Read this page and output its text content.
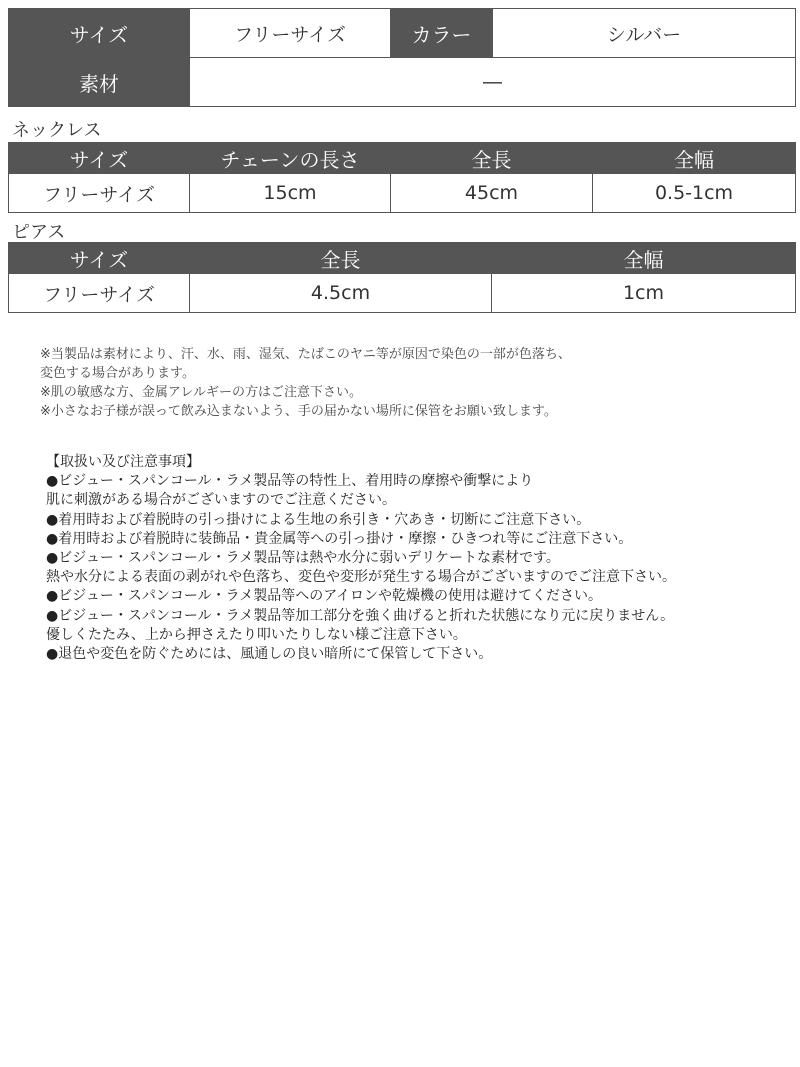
サイズ	フリーサイズ	カラー	シルバー
素材	―		
ネックレス
サイズ	チェーンの長さ	全長	全幅
フリーサイズ	15cm	45cm	0.5-1cm
ピアス
サイズ	全長	全幅
フリーサイズ	4.5cm	1cm
※当製品は素材により、汗、水、雨、湿気、たばこのヤニ等が原因で染色の一部が色落ち、
変色する場合があります。
※肌の敏感な方、金属アレルギーの方はご注意下さい。
※小さなお子様が誤って飲み込まないよう、手の届かない場所に保管をお願い致します。
【取扱い及び注意事項】
●ビジュー・スパンコール・ラメ製品等の特性上、着用時の摩擦や衝撃により
肌に刺激がある場合がございますのでご注意ください。
●着用時および着脱時の引っ掛けによる生地の糸引き・穴あき・切断にご注意下さい。
●着用時および着脱時に装飾品・貴金属等への引っ掛け・摩擦・ひきつれ等にご注意下さい。
●ビジュー・スパンコール・ラメ製品等は熱や水分に弱いデリケートな素材です。
熱や水分による表面の剥がれや色落ち、変色や変形が発生する場合がございますのでご注意下さい。
●ビジュー・スパンコール・ラメ製品等へのアイロンや乾燥機の使用は避けてください。
●ビジュー・スパンコール・ラメ製品等加工部分を強く曲げると折れた状態になり元に戻りません。
優しくたたみ、上から押さえたり叩いたりしない様ご注意下さい。
●退色や変色を防ぐためには、風通しの良い暗所にて保管して下さい。
